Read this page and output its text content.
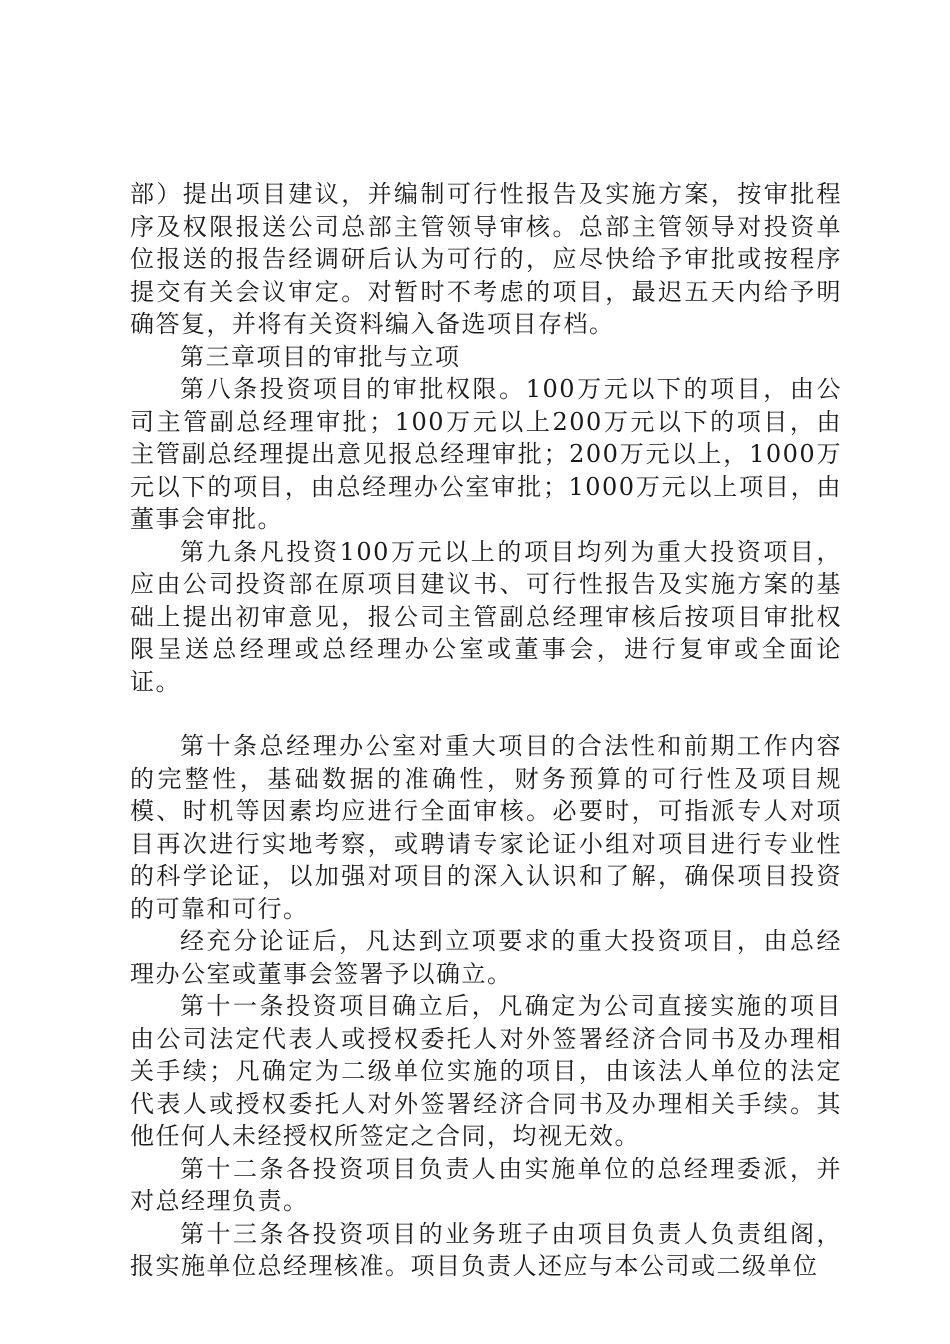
部）提出项目建议，并编制可行性报告及实施方案，按审批程序及权限报送公司总部主管领导审核。总部主管领导对投资单位报送的报告经调研后认为可行的，应尽快给予审批或按程序提交有关会议审定。对暂时不考虑的项目，最迟五天内给予明确答复，并将有关资料编入备选项目存档。

第三章项目的审批与立项

第八条投资项目的审批权限。100万元以下的项目，由公司主管副总经理审批；100万元以上200万元以下的项目，由主管副总经理提出意见报总经理审批；200万元以上，1000万元以下的项目，由总经理办公室审批；1000万元以上项目，由董事会审批。

第九条凡投资100万元以上的项目均列为重大投资项目，应由公司投资部在原项目建议书、可行性报告及实施方案的基础上提出初审意见，报公司主管副总经理审核后按项目审批权限呈送总经理或总经理办公室或董事会，进行复审或全面论证。

第十条总经理办公室对重大项目的合法性和前期工作内容的完整性，基础数据的准确性，财务预算的可行性及项目规模、时机等因素均应进行全面审核。必要时，可指派专人对项目再次进行实地考察，或聘请专家论证小组对项目进行专业性的科学论证，以加强对项目的深入认识和了解，确保项目投资的可靠和可行。

经充分论证后，凡达到立项要求的重大投资项目，由总经理办公室或董事会签署予以确立。

第十一条投资项目确立后，凡确定为公司直接实施的项目由公司法定代表人或授权委托人对外签署经济合同书及办理相关手续；凡确定为二级单位实施的项目，由该法人单位的法定代表人或授权委托人对外签署经济合同书及办理相关手续。其他任何人未经授权所签定之合同，均视无效。

第十二条各投资项目负责人由实施单位的总经理委派，并对总经理负责。

第十三条各投资项目的业务班子由项目负责人负责组阁，报实施单位总经理核准。项目负责人还应与本公司或二级单位
